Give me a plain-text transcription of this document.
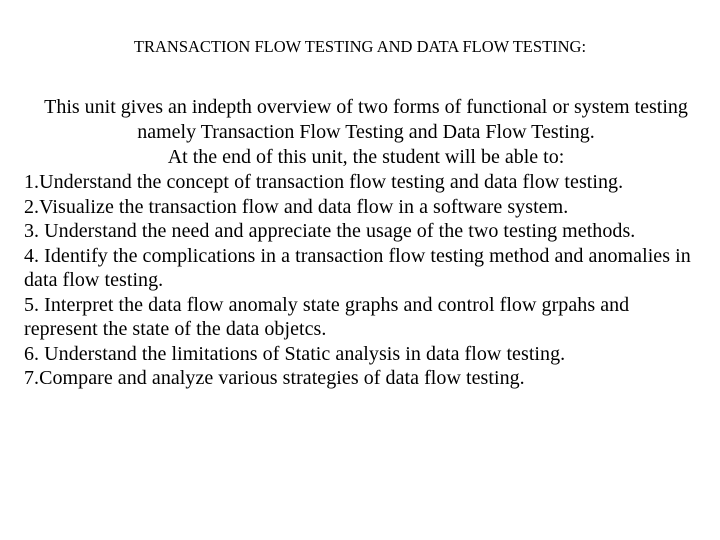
TRANSACTION FLOW TESTING AND DATA FLOW TESTING:

This unit gives an indepth overview of two forms of functional or system testing namely Transaction Flow Testing and Data Flow Testing.

At the end of this unit, the student will be able to:

1.Understand the concept of transaction flow testing and data flow testing.
2.Visualize the transaction flow and data flow in a software system.
3. Understand the need and appreciate the usage of the two testing methods.
4. Identify the complications in a transaction flow testing method and anomalies in data flow testing.
5. Interpret the data flow anomaly state graphs and control flow grpahs and represent the state of the data objetcs.
6. Understand the limitations of Static analysis in data flow testing.
7.Compare and analyze various strategies of data flow testing.
